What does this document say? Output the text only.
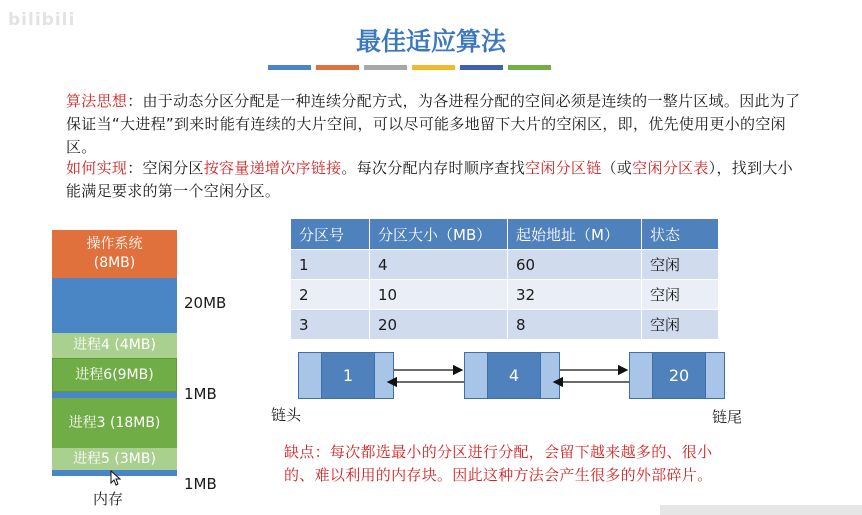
bilibili
最佳适应算法
算法思想：由于动态分区分配是一种连续分配方式，为各进程分配的空间必须是连续的一整片区域。因此为了保证当“大进程”到来时能有连续的大片空间，可以尽可能多地留下大片的空闲区，即，优先使用更小的空闲区。
如何实现：空闲分区按容量递增次序链接。每次分配内存时顺序查找空闲分区链（或空闲分区表），找到大小能满足要求的第一个空闲分区。
操作系统
(8MB)
进程4 (4MB)
进程6(9MB)
进程3 (18MB)
进程5 (3MB)
内存
20MB
1MB
1MB
分区号	分区大小（MB）	起始地址（M）	状态
1	4	60	空闲
2	10	32	空闲
3	20	8	空闲
1	4	20
链头	链尾
缺点：每次都选最小的分区进行分配，会留下越来越多的、很小
的、难以利用的内存块。因此这种方法会产生很多的外部碎片。
